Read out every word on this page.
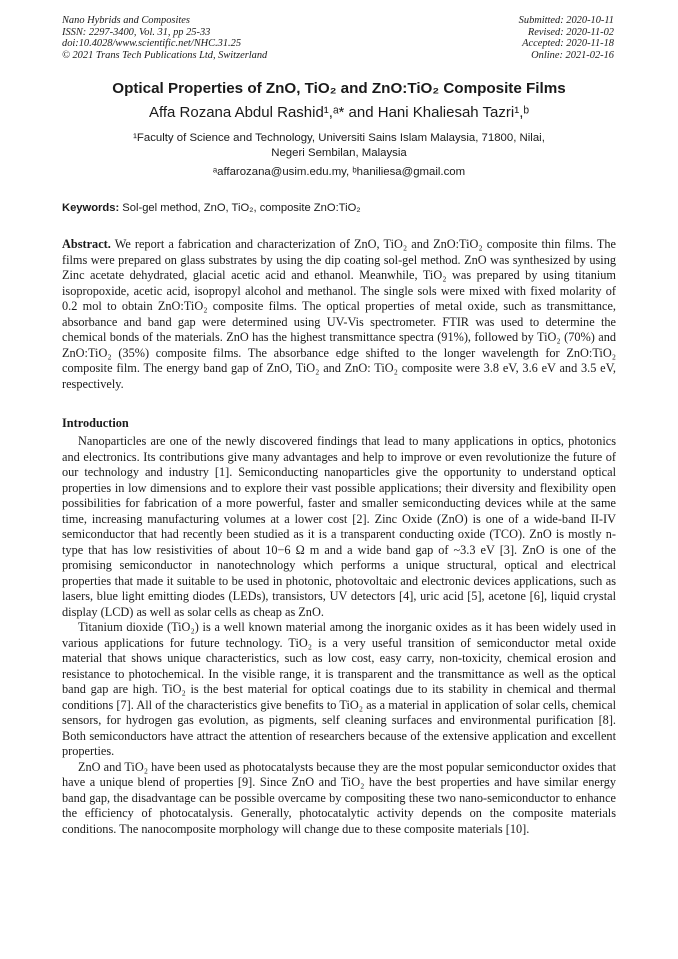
Nano Hybrids and Composites
ISSN: 2297-3400, Vol. 31, pp 25-33
doi:10.4028/www.scientific.net/NHC.31.25
© 2021 Trans Tech Publications Ltd, Switzerland
Submitted: 2020-10-11
Revised: 2020-11-02
Accepted: 2020-11-18
Online: 2021-02-16
Optical Properties of ZnO, TiO₂ and ZnO:TiO₂ Composite Films
Affa Rozana Abdul Rashid¹,ᵃ* and Hani Khaliesah Tazri¹,ᵇ
¹Faculty of Science and Technology, Universiti Sains Islam Malaysia, 71800, Nilai,
Negeri Sembilan, Malaysia
ᵃaffarozana@usim.edu.my, ᵇhaniliesa@gmail.com
Keywords: Sol-gel method, ZnO, TiO₂, composite ZnO:TiO₂

Abstract. We report a fabrication and characterization of ZnO, TiO₂ and ZnO:TiO₂ composite thin films. The films were prepared on glass substrates by using the dip coating sol-gel method. ZnO was synthesized by using Zinc acetate dehydrated, glacial acetic acid and ethanol. Meanwhile, TiO₂ was prepared by using titanium isopropoxide, acetic acid, isopropyl alcohol and methanol. The single sols were mixed with fixed molarity of 0.2 mol to obtain ZnO:TiO₂ composite films. The optical properties of metal oxide, such as transmittance, absorbance and band gap were determined using UV-Vis spectrometer. FTIR was used to determine the chemical bonds of the materials. ZnO has the highest transmittance spectra (91%), followed by TiO₂ (70%) and ZnO:TiO₂ (35%) composite films. The absorbance edge shifted to the longer wavelength for ZnO:TiO₂ composite film. The energy band gap of ZnO, TiO₂ and ZnO: TiO₂ composite were 3.8 eV, 3.6 eV and 3.5 eV, respectively.

Introduction

Nanoparticles are one of the newly discovered findings that lead to many applications in optics, photonics and electronics. Its contributions give many advantages and help to improve or even revolutionize the future of our technology and industry [1]. Semiconducting nanoparticles give the opportunity to understand optical properties in low dimensions and to explore their vast possible applications; their diversity and flexibility open possibilities for fabrication of a more powerful, faster and smaller semiconducting devices while at the same time, increasing manufacturing volumes at a lower cost [2]. Zinc Oxide (ZnO) is one of a wide-band II-IV semiconductor that had recently been studied as it is a transparent conducting oxide (TCO). ZnO is mostly n-type that has low resistivities of about 10−6 Ω m and a wide band gap of ~3.3 eV [3]. ZnO is one of the promising semiconductor in nanotechnology which performs a unique structural, optical and electrical properties that made it suitable to be used in photonic, photovoltaic and electronic devices applications, such as lasers, blue light emitting diodes (LEDs), transistors, UV detectors [4], uric acid [5], acetone [6], liquid crystal display (LCD) as well as solar cells as cheap as ZnO.

Titanium dioxide (TiO₂) is a well known material among the inorganic oxides as it has been widely used in various applications for future technology. TiO₂ is a very useful transition of semiconductor metal oxide material that shows unique characteristics, such as low cost, easy carry, non-toxicity, chemical erosion and resistance to photochemical. In the visible range, it is transparent and the transmittance as well as the optical band gap are high. TiO₂ is the best material for optical coatings due to its stability in chemical and thermal conditions [7]. All of the characteristics give benefits to TiO₂ as a material in application of solar cells, chemical sensors, for hydrogen gas evolution, as pigments, self cleaning surfaces and environmental purification [8]. Both semiconductors have attract the attention of researchers because of the extensive application and excellent properties.

ZnO and TiO₂ have been used as photocatalysts because they are the most popular semiconductor oxides that have a unique blend of properties [9]. Since ZnO and TiO₂ have the best properties and have similar energy band gap, the disadvantage can be possible overcame by compositing these two nano-semiconductor to enhance the efficiency of photocatalysis. Generally, photocatalytic activity depends on the composite materials conditions. The nanocomposite morphology will change due to these composite materials [10].
